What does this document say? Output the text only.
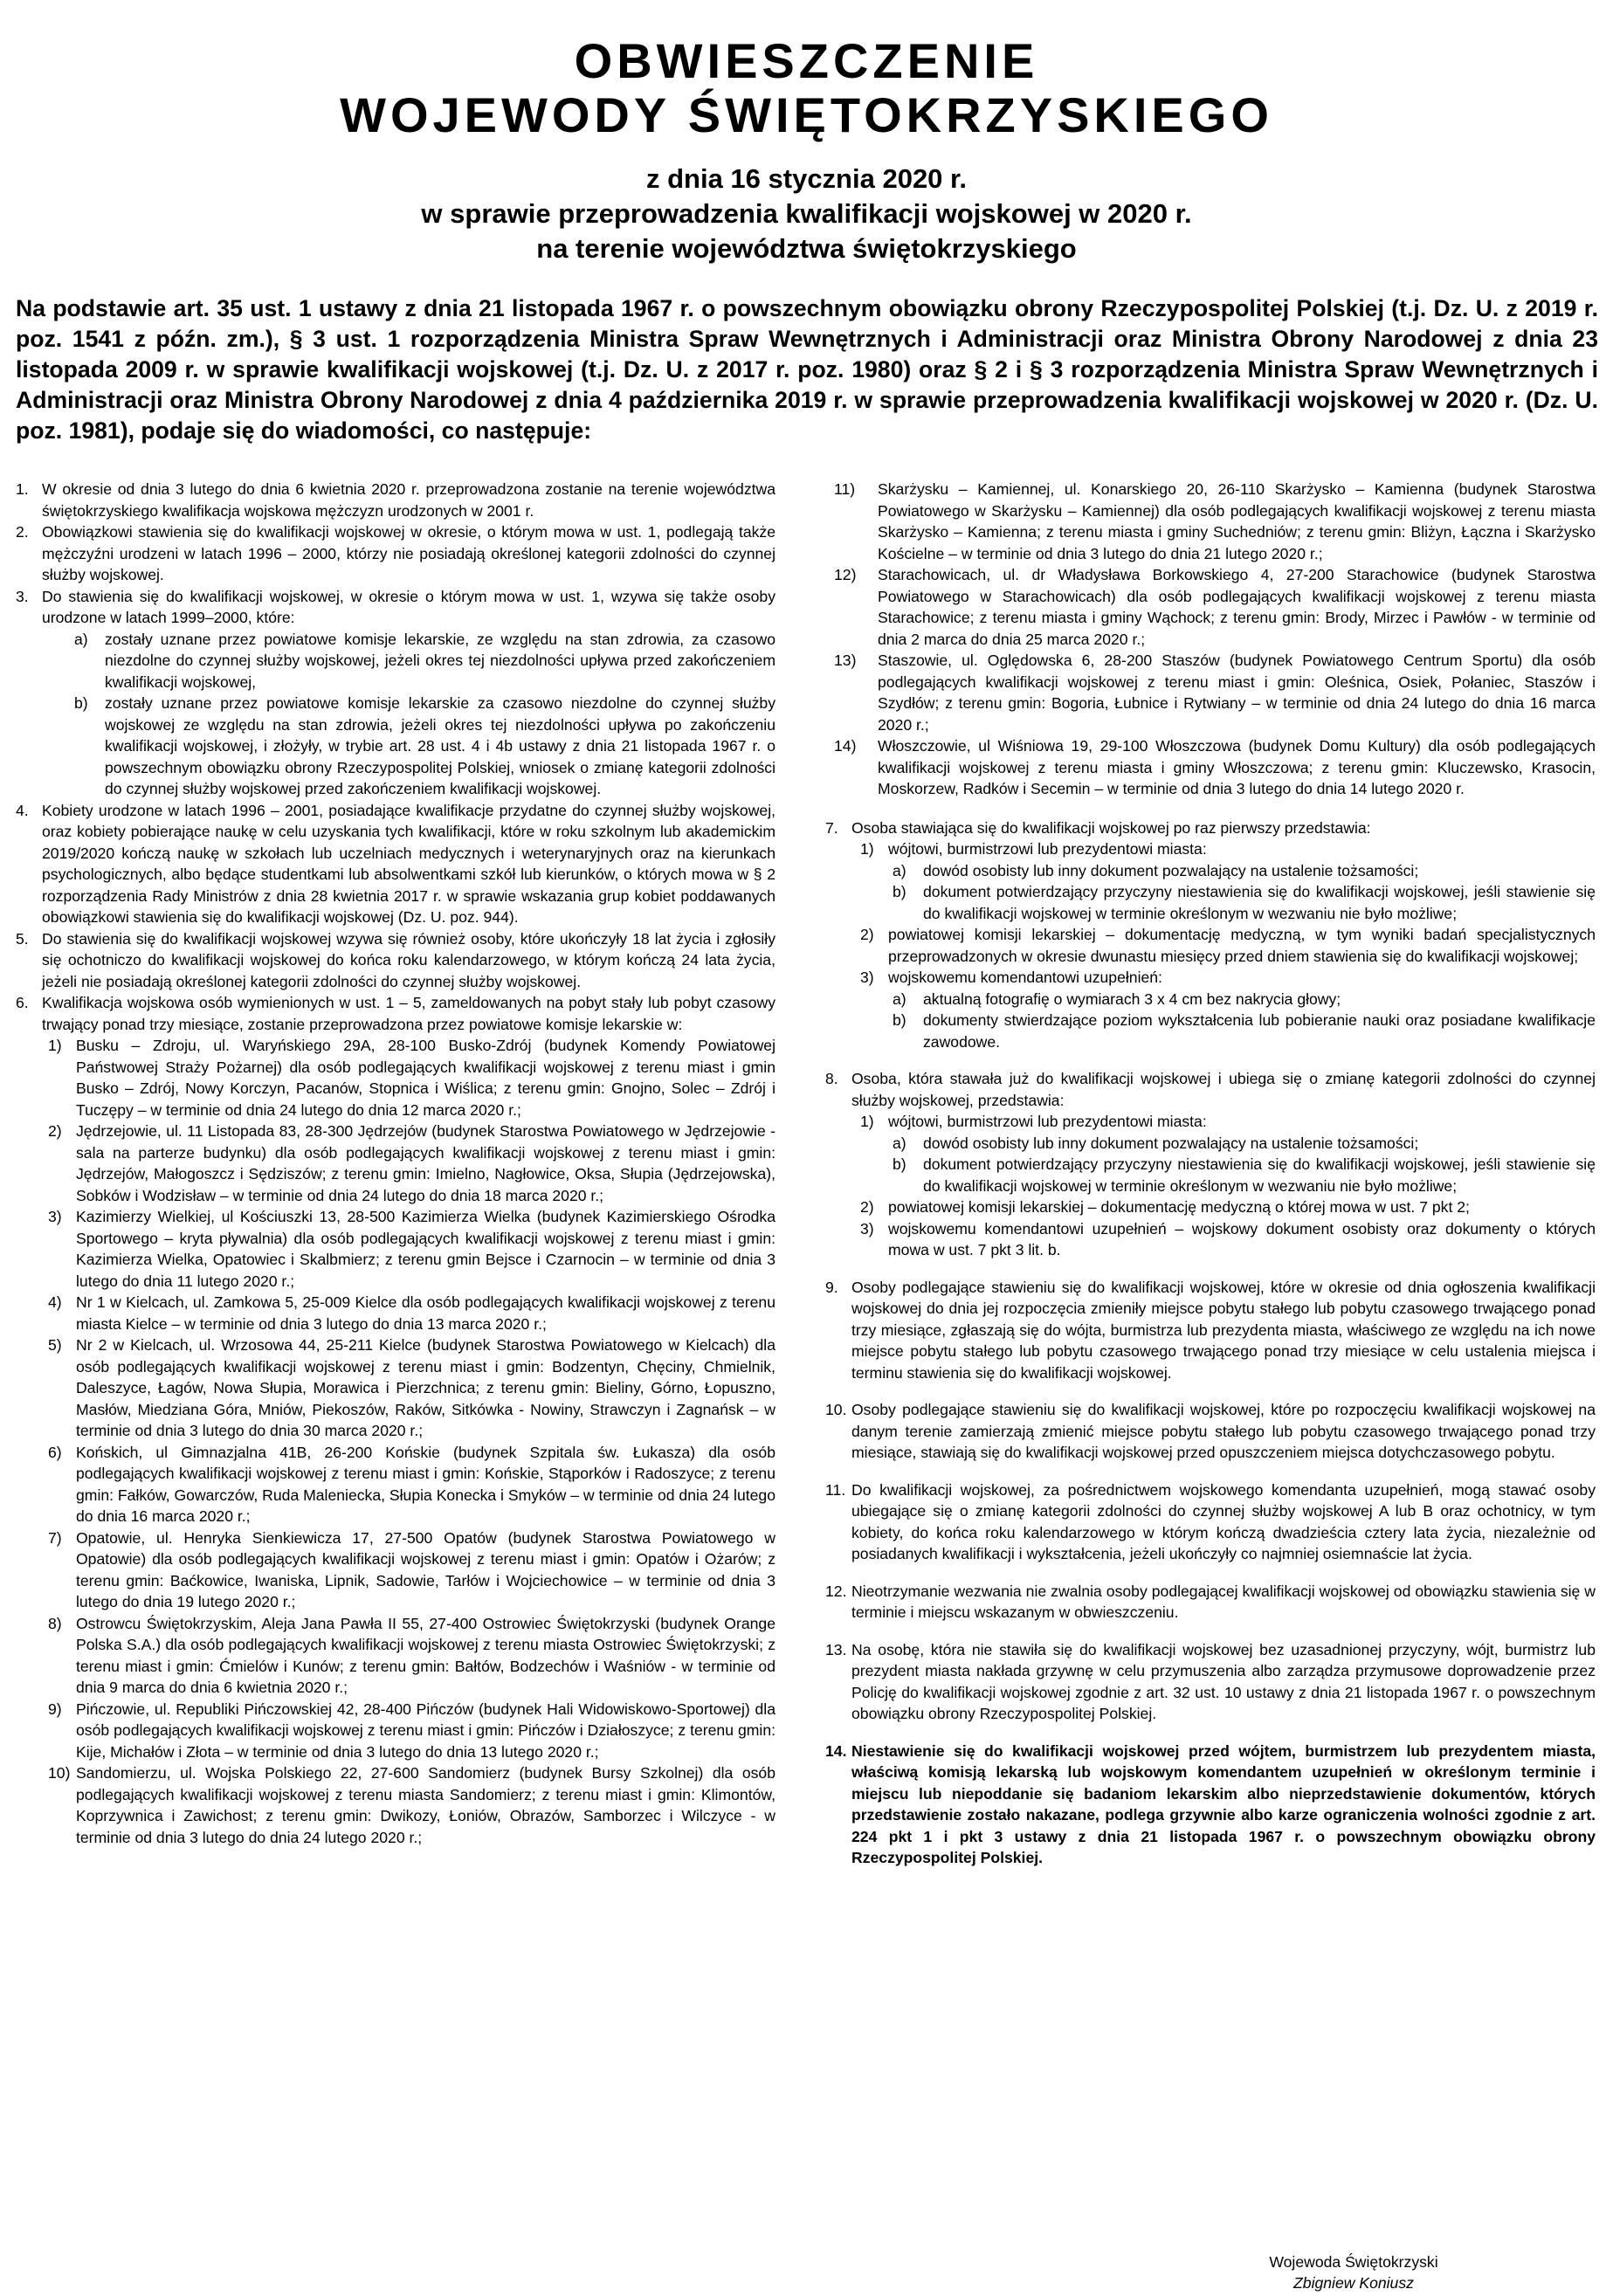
OBWIESZCZENIE
WOJEWODY ŚWIĘTOKRZYSKIEGO
z dnia 16 stycznia 2020 r.
w sprawie przeprowadzenia kwalifikacji wojskowej w 2020 r.
na terenie województwa świętokrzyskiego
Na podstawie art. 35 ust. 1 ustawy z dnia 21 listopada 1967 r. o powszechnym obowiązku obrony Rzeczypospolitej Polskiej (t.j. Dz. U. z 2019 r. poz. 1541 z późn. zm.), § 3 ust. 1 rozporządzenia Ministra Spraw Wewnętrznych i Administracji oraz Ministra Obrony Narodowej z dnia 23 listopada 2009 r. w sprawie kwalifikacji wojskowej (t.j. Dz. U. z 2017 r. poz. 1980) oraz § 2 i § 3 rozporządzenia Ministra Spraw Wewnętrznych i Administracji oraz Ministra Obrony Narodowej z dnia 4 października 2019 r. w sprawie przeprowadzenia kwalifikacji wojskowej w 2020 r. (Dz. U. poz. 1981), podaje się do wiadomości, co następuje:
1. W okresie od dnia 3 lutego do dnia 6 kwietnia 2020 r. przeprowadzona zostanie na terenie województwa świętokrzyskiego kwalifikacja wojskowa mężczyzn urodzonych w 2001 r.
2. Obowiązkowi stawienia się do kwalifikacji wojskowej w okresie, o którym mowa w ust. 1, podlegają także mężczyźni urodzeni w latach 1996 – 2000, którzy nie posiadają określonej kategorii zdolności do czynnej służby wojskowej.
3. Do stawienia się do kwalifikacji wojskowej, w okresie o którym mowa w ust. 1, wzywa się także osoby urodzone w latach 1999–2000, które:
a) zostały uznane przez powiatowe komisje lekarskie, ze względu na stan zdrowia, za czasowo niezdolne do czynnej służby wojskowej, jeżeli okres tej niezdolności upływa przed zakończeniem kwalifikacji wojskowej,
b) zostały uznane przez powiatowe komisje lekarskie za czasowo niezdolne do czynnej służby wojskowej ze względu na stan zdrowia, jeżeli okres tej niezdolności upływa po zakończeniu kwalifikacji wojskowej, i złożyły, w trybie art. 28 ust. 4 i 4b ustawy z dnia 21 listopada 1967 r. o powszechnym obowiązku obrony Rzeczypospolitej Polskiej, wniosek o zmianę kategorii zdolności do czynnej służby wojskowej przed zakończeniem kwalifikacji wojskowej.
4. Kobiety urodzone w latach 1996 – 2001, posiadające kwalifikacje przydatne do czynnej służby wojskowej, oraz kobiety pobierające naukę w celu uzyskania tych kwalifikacji, które w roku szkolnym lub akademickim 2019/2020 kończą naukę w szkołach lub uczelniach medycznych i weterynaryjnych oraz na kierunkach psychologicznych, albo będące studentkami lub absolwentkami szkół lub kierunków, o których mowa w § 2 rozporządzenia Rady Ministrów z dnia 28 kwietnia 2017 r. w sprawie wskazania grup kobiet poddawanych obowiązkowi stawienia się do kwalifikacji wojskowej (Dz. U. poz. 944).
5. Do stawienia się do kwalifikacji wojskowej wzywa się również osoby, które ukończyły 18 lat życia i zgłosiły się ochotniczo do kwalifikacji wojskowej do końca roku kalendarzowego, w którym kończą 24 lata życia, jeżeli nie posiadają określonej kategorii zdolności do czynnej służby wojskowej.
6. Kwalifikacja wojskowa osób wymienionych w ust. 1 – 5, zameldowanych na pobyt stały lub pobyt czasowy trwający ponad trzy miesiące, zostanie przeprowadzona przez powiatowe komisje lekarskie w:
1) Busku – Zdroju, ul. Waryńskiego 29A, 28-100 Busko-Zdrój (budynek Komendy Powiatowej Państwowej Straży Pożarnej) dla osób podlegających kwalifikacji wojskowej z terenu miast i gmin Busko – Zdrój, Nowy Korczyn, Pacanów, Stopnica i Wiślica; z terenu gmin: Gnojno, Solec – Zdrój i Tuczępy – w terminie od dnia 24 lutego do dnia 12 marca 2020 r.;
2) Jędrzejowie, ul. 11 Listopada 83, 28-300 Jędrzejów (budynek Starostwa Powiatowego w Jędrzejowie - sala na parterze budynku) dla osób podlegających kwalifikacji wojskowej z terenu miast i gmin: Jędrzejów, Małogoszcz i Sędziszów; z terenu gmin: Imielno, Nagłowice, Oksa, Słupia (Jędrzejowska), Sobków i Wodzisław – w terminie od dnia 24 lutego do dnia 18 marca 2020 r.;
3) Kazimierzy Wielkiej, ul Kościuszki 13, 28-500 Kazimierza Wielka (budynek Kazimierskiego Ośrodka Sportowego – kryta pływalnia) dla osób podlegających kwalifikacji wojskowej z terenu miast i gmin: Kazimierza Wielka, Opatowiec i Skalbmierz; z terenu gmin Bejsce i Czarnocin – w terminie od dnia 3 lutego do dnia 11 lutego 2020 r.;
4) Nr 1 w Kielcach, ul. Zamkowa 5, 25-009 Kielce dla osób podlegających kwalifikacji wojskowej z terenu miasta Kielce – w terminie od dnia 3 lutego do dnia 13 marca 2020 r.;
5) Nr 2 w Kielcach, ul. Wrzosowa 44, 25-211 Kielce (budynek Starostwa Powiatowego w Kielcach) dla osób podlegających kwalifikacji wojskowej z terenu miast i gmin: Bodzentyn, Chęciny, Chmielnik, Daleszyce, Łagów, Nowa Słupia, Morawica i Pierzchnica; z terenu gmin: Bieliny, Górno, Łopuszno, Masłów, Miedziana Góra, Mniów, Piekoszów, Raków, Sitkówka - Nowiny, Strawczyn i Zagnańsk – w terminie od dnia 3 lutego do dnia 30 marca 2020 r.;
6) Końskich, ul Gimnazjalna 41B, 26-200 Końskie (budynek Szpitala św. Łukasza) dla osób podlegających kwalifikacji wojskowej z terenu miast i gmin: Końskie, Stąporków i Radoszyce; z terenu gmin: Fałków, Gowarczów, Ruda Maleniecka, Słupia Konecka i Smyków – w terminie od dnia 24 lutego do dnia 16 marca 2020 r.;
7) Opatowie, ul. Henryka Sienkiewicza 17, 27-500 Opatów (budynek Starostwa Powiatowego w Opatowie) dla osób podlegających kwalifikacji wojskowej z terenu miast i gmin: Opatów i Ożarów; z terenu gmin: Baćkowice, Iwaniska, Lipnik, Sadowie, Tarłów i Wojciechowice – w terminie od dnia 3 lutego do dnia 19 lutego 2020 r.;
8) Ostrowcu Świętokrzyskim, Aleja Jana Pawła II 55, 27-400 Ostrowiec Świętokrzyski (budynek Orange Polska S.A.) dla osób podlegających kwalifikacji wojskowej z terenu miasta Ostrowiec Świętokrzyski; z terenu miast i gmin: Ćmielów i Kunów; z terenu gmin: Bałtów, Bodzechów i Waśniów - w terminie od dnia 9 marca do dnia 6 kwietnia 2020 r.;
9) Pińczowie, ul. Republiki Pińczowskiej 42, 28-400 Pińczów (budynek Hali Widowiskowo-Sportowej) dla osób podlegających kwalifikacji wojskowej z terenu miast i gmin: Pińczów i Działoszyce; z terenu gmin: Kije, Michałów i Złota – w terminie od dnia 3 lutego do dnia 13 lutego 2020 r.;
10) Sandomierzu, ul. Wojska Polskiego 22, 27-600 Sandomierz (budynek Bursy Szkolnej) dla osób podlegających kwalifikacji wojskowej z terenu miasta Sandomierz; z terenu miast i gmin: Klimontów, Koprzywnica i Zawichost; z terenu gmin: Dwikozy, Łoniów, Obrazów, Samborzec i Wilczyce - w terminie od dnia 3 lutego do dnia 24 lutego 2020 r.;
11) Skarżysku – Kamiennej, ul. Konarskiego 20, 26-110 Skarżysko – Kamienna (budynek Starostwa Powiatowego w Skarżysku – Kamiennej) dla osób podlegających kwalifikacji wojskowej z terenu miasta Skarżysko – Kamienna; z terenu miasta i gminy Suchedniów; z terenu gmin: Bliżyn, Łączna i Skarżysko Kościelne – w terminie od dnia 3 lutego do dnia 21 lutego 2020 r.;
12) Starachowicach, ul. dr Władysława Borkowskiego 4, 27-200 Starachowice (budynek Starostwa Powiatowego w Starachowicach) dla osób podlegających kwalifikacji wojskowej z terenu miasta Starachowice; z terenu miasta i gminy Wąchock; z terenu gmin: Brody, Mirzec i Pawłów - w terminie od dnia 2 marca do dnia 25 marca 2020 r.;
13) Staszowie, ul. Oględowska 6, 28-200 Staszów (budynek Powiatowego Centrum Sportu) dla osób podlegających kwalifikacji wojskowej z terenu miast i gmin: Oleśnica, Osiek, Połaniec, Staszów i Szydłów; z terenu gmin: Bogoria, Łubnice i Rytwiany – w terminie od dnia 24 lutego do dnia 16 marca 2020 r.;
14) Włoszczowie, ul Wiśniowa 19, 29-100 Włoszczowa (budynek Domu Kultury) dla osób podlegających kwalifikacji wojskowej z terenu miasta i gminy Włoszczowa; z terenu gmin: Kluczewsko, Krasocin, Moskorzew, Radków i Secemin – w terminie od dnia 3 lutego do dnia 14 lutego 2020 r.
7. Osoba stawiająca się do kwalifikacji wojskowej po raz pierwszy przedstawia:
1) wójtowi, burmistrzowi lub prezydentowi miasta:
a) dowód osobisty lub inny dokument pozwalający na ustalenie tożsamości;
b) dokument potwierdzający przyczyny niestawienia się do kwalifikacji wojskowej, jeśli stawienie się do kwalifikacji wojskowej w terminie określonym w wezwaniu nie było możliwe;
2) powiatowej komisji lekarskiej – dokumentację medyczną, w tym wyniki badań specjalistycznych przeprowadzonych w okresie dwunastu miesięcy przed dniem stawienia się do kwalifikacji wojskowej;
3) wojskowemu komendantowi uzupełnień:
a) aktualną fotografię o wymiarach 3 x 4 cm bez nakrycia głowy;
b) dokumenty stwierdzające poziom wykształcenia lub pobieranie nauki oraz posiadane kwalifikacje zawodowe.
8. Osoba, która stawała już do kwalifikacji wojskowej i ubiega się o zmianę kategorii zdolności do czynnej służby wojskowej, przedstawia:
1) wójtowi, burmistrzowi lub prezydentowi miasta:
a) dowód osobisty lub inny dokument pozwalający na ustalenie tożsamości;
b) dokument potwierdzający przyczyny niestawienia się do kwalifikacji wojskowej, jeśli stawienie się do kwalifikacji wojskowej w terminie określonym w wezwaniu nie było możliwe;
2) powiatowej komisji lekarskiej – dokumentację medyczną o której mowa w ust. 7 pkt 2;
3) wojskowemu komendantowi uzupełnień – wojskowy dokument osobisty oraz dokumenty o których mowa w ust. 7 pkt 3 lit. b.
9. Osoby podlegające stawieniu się do kwalifikacji wojskowej, które w okresie od dnia ogłoszenia kwalifikacji wojskowej do dnia jej rozpoczęcia zmieniły miejsce pobytu stałego lub pobytu czasowego trwającego ponad trzy miesiące, zgłaszają się do wójta, burmistrza lub prezydenta miasta, właściwego ze względu na ich nowe miejsce pobytu stałego lub pobytu czasowego trwającego ponad trzy miesiące w celu ustalenia miejsca i terminu stawienia się do kwalifikacji wojskowej.
10. Osoby podlegające stawieniu się do kwalifikacji wojskowej, które po rozpoczęciu kwalifikacji wojskowej na danym terenie zamierzają zmienić miejsce pobytu stałego lub pobytu czasowego trwającego ponad trzy miesiące, stawiają się do kwalifikacji wojskowej przed opuszczeniem miejsca dotychczasowego pobytu.
11. Do kwalifikacji wojskowej, za pośrednictwem wojskowego komendanta uzupełnień, mogą stawać osoby ubiegające się o zmianę kategorii zdolności do czynnej służby wojskowej A lub B oraz ochotnicy, w tym kobiety, do końca roku kalendarzowego w którym kończą dwadzieścia cztery lata życia, niezależnie od posiadanych kwalifikacji i wykształcenia, jeżeli ukończyły co najmniej osiemnaście lat życia.
12. Nieotrzymanie wezwania nie zwalnia osoby podlegającej kwalifikacji wojskowej od obowiązku stawienia się w terminie i miejscu wskazanym w obwieszczeniu.
13. Na osobę, która nie stawiła się do kwalifikacji wojskowej bez uzasadnionej przyczyny, wójt, burmistrz lub prezydent miasta nakłada grzywnę w celu przymuszenia albo zarządza przymusowe doprowadzenie przez Policję do kwalifikacji wojskowej zgodnie z art. 32 ust. 10 ustawy z dnia 21 listopada 1967 r. o powszechnym obowiązku obrony Rzeczypospolitej Polskiej.
14. Niestawienie się do kwalifikacji wojskowej przed wójtem, burmistrzem lub prezydentem miasta, właściwą komisją lekarską lub wojskowym komendantem uzupełnień w określonym terminie i miejscu lub niepoddanie się badaniom lekarskim albo nieprzedstawienie dokumentów, których przedstawienie zostało nakazane, podlega grzywnie albo karze ograniczenia wolności zgodnie z art. 224 pkt 1 i pkt 3 ustawy z dnia 21 listopada 1967 r. o powszechnym obowiązku obrony Rzeczypospolitej Polskiej.
Wojewoda Świętokrzyski
Zbigniew Koniusz
